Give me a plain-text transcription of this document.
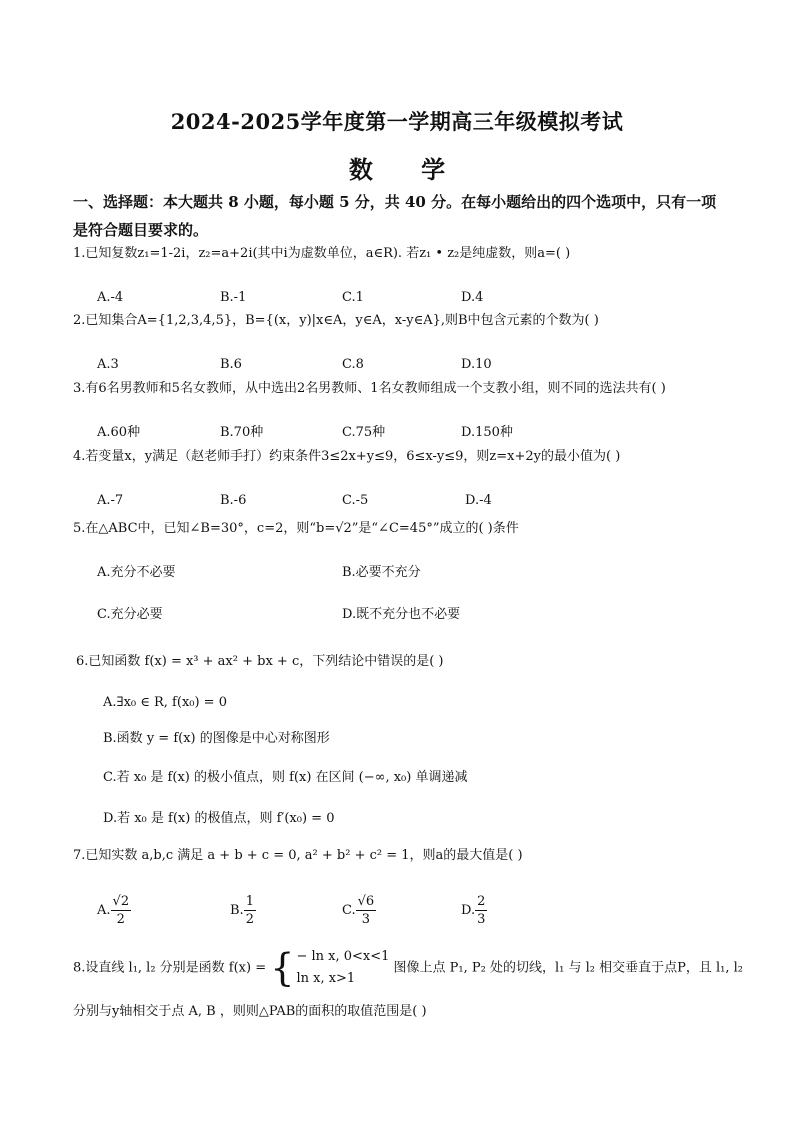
2024-2025学年度第一学期高三年级模拟考试
数 学
一、选择题：本大题共 8 小题，每小题 5 分，共 40 分。在每小题给出的四个选项中，只有一项是符合题目要求的。
1.已知复数z₁=1-2i，z₂=a+2i(其中i为虚数单位，a∈R). 若z₁ • z₂是纯虚数，则a=( )
A.-4	B.-1	C.1	D.4
2.已知集合A={1,2,3,4,5}，B={(x，y)|x∈A，y∈A，x-y∈A},则B中包含元素的个数为( )
A.3	B.6	C.8	D.10
3.有6名男教师和5名女教师，从中选出2名男教师、1名女教师组成一个支教小组，则不同的选法共有( )
A.60种	B.70种	C.75种	D.150种
4.若变量x，y满足（赵老师手打）约束条件3≤2x+y≤9，6≤x-y≤9，则z=x+2y的最小值为( )
A.-7	B.-6	C.-5	D.-4
5.在△ABC中，已知∠B=30°，c=2，则“b=√2”是“∠C=45°”成立的( )条件
A.充分不必要	B.必要不充分
C.充分必要	D.既不充分也不必要
6.已知函数 f(x) = x³ + ax² + bx + c，下列结论中错误的是( )
A.∃x₀ ∈ R, f(x₀) = 0
B.函数 y = f(x) 的图像是中心对称图形
C.若 x₀ 是 f(x) 的极小值点，则 f(x) 在区间 (−∞, x₀) 单调递减
D.若 x₀ 是 f(x) 的极值点，则 f′(x₀) = 0
7.已知实数 a,b,c 满足 a + b + c = 0, a² + b² + c² = 1，则a的最大值是( )
A. $\frac{√2}{2}$	B. $\frac{1}{2}$	C. $\frac{√6}{3}$	D. $\frac{2}{3}$
8.设直线 l₁, l₂ 分别是函数 f(x) = { − ln x, 0<x<1
ln x, x>1
图像上点 P₁, P₂ 处的切线，l₁ 与 l₂ 相交垂直于点P，且 l₁, l₂
分别与y轴相交于点 A, B ，则则△PAB的面积的取值范围是( )
